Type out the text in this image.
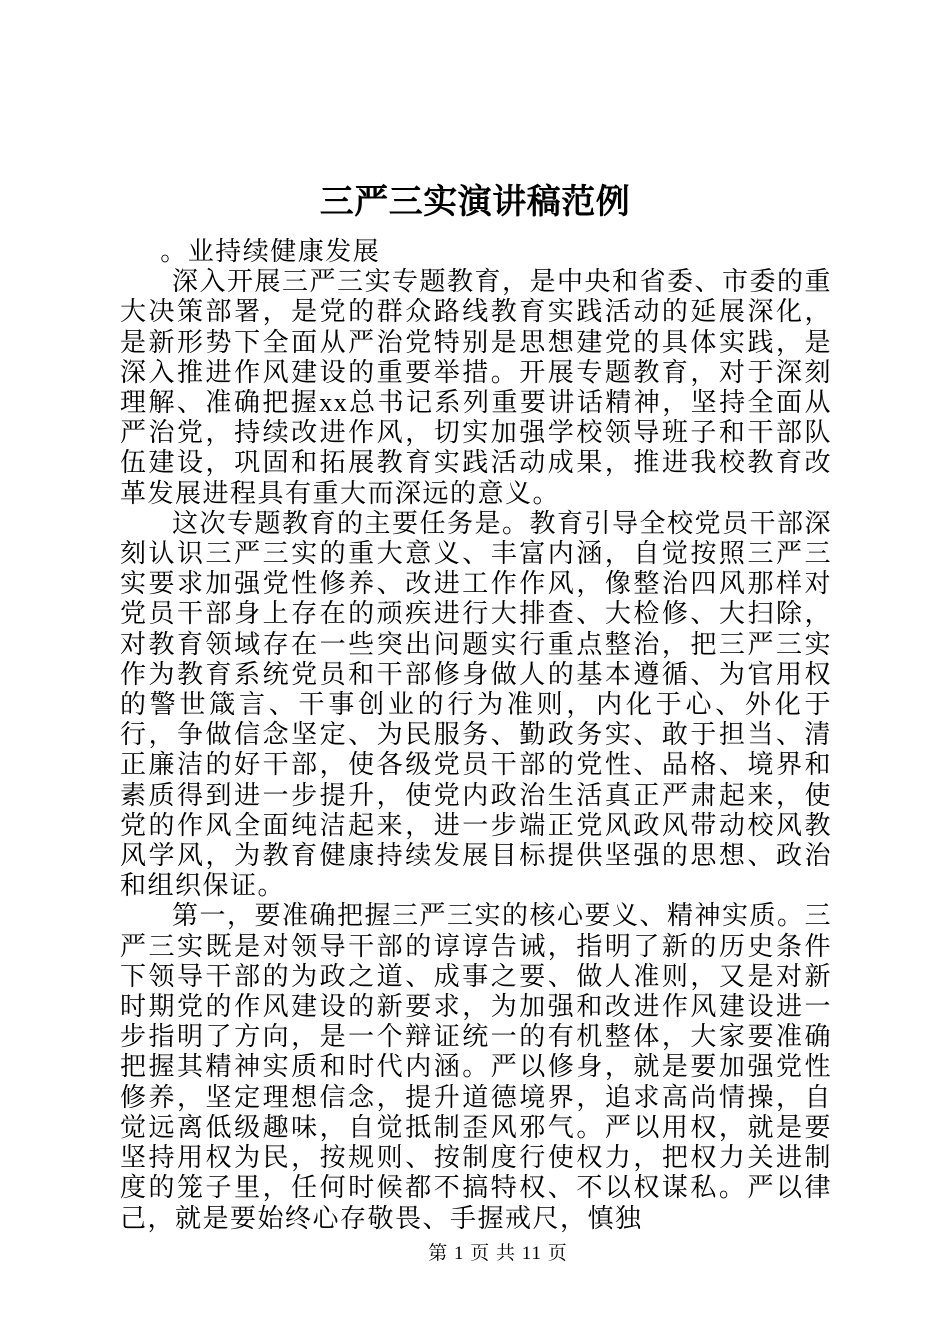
三严三实演讲稿范例

。业持续健康发展

深入开展三严三实专题教育，是中央和省委、市委的重大决策部署，是党的群众路线教育实践活动的延展深化，是新形势下全面从严治党特别是思想建党的具体实践，是深入推进作风建设的重要举措。开展专题教育，对于深刻理解、准确把握xx总书记系列重要讲话精神，坚持全面从严治党，持续改进作风，切实加强学校领导班子和干部队伍建设，巩固和拓展教育实践活动成果，推进我校教育改革发展进程具有重大而深远的意义。

这次专题教育的主要任务是。教育引导全校党员干部深刻认识三严三实的重大意义、丰富内涵，自觉按照三严三实要求加强党性修养、改进工作作风，像整治四风那样对党员干部身上存在的顽疾进行大排查、大检修、大扫除，对教育领域存在一些突出问题实行重点整治，把三严三实作为教育系统党员和干部修身做人的基本遵循、为官用权的警世箴言、干事创业的行为准则，内化于心、外化于行，争做信念坚定、为民服务、勤政务实、敢于担当、清正廉洁的好干部，使各级党员干部的党性、品格、境界和素质得到进一步提升，使党内政治生活真正严肃起来，使党的作风全面纯洁起来，进一步端正党风政风带动校风教风学风，为教育健康持续发展目标提供坚强的思想、政治和组织保证。

第一，要准确把握三严三实的核心要义、精神实质。三严三实既是对领导干部的谆谆告诫，指明了新的历史条件下领导干部的为政之道、成事之要、做人准则，又是对新时期党的作风建设的新要求，为加强和改进作风建设进一步指明了方向，是一个辩证统一的有机整体，大家要准确把握其精神实质和时代内涵。严以修身，就是要加强党性修养，坚定理想信念，提升道德境界，追求高尚情操，自觉远离低级趣味，自觉抵制歪风邪气。严以用权，就是要坚持用权为民，按规则、按制度行使权力，把权力关进制度的笼子里，任何时候都不搞特权、不以权谋私。严以律己，就是要始终心存敬畏、手握戒尺，慎独

第 1 页 共 11 页
